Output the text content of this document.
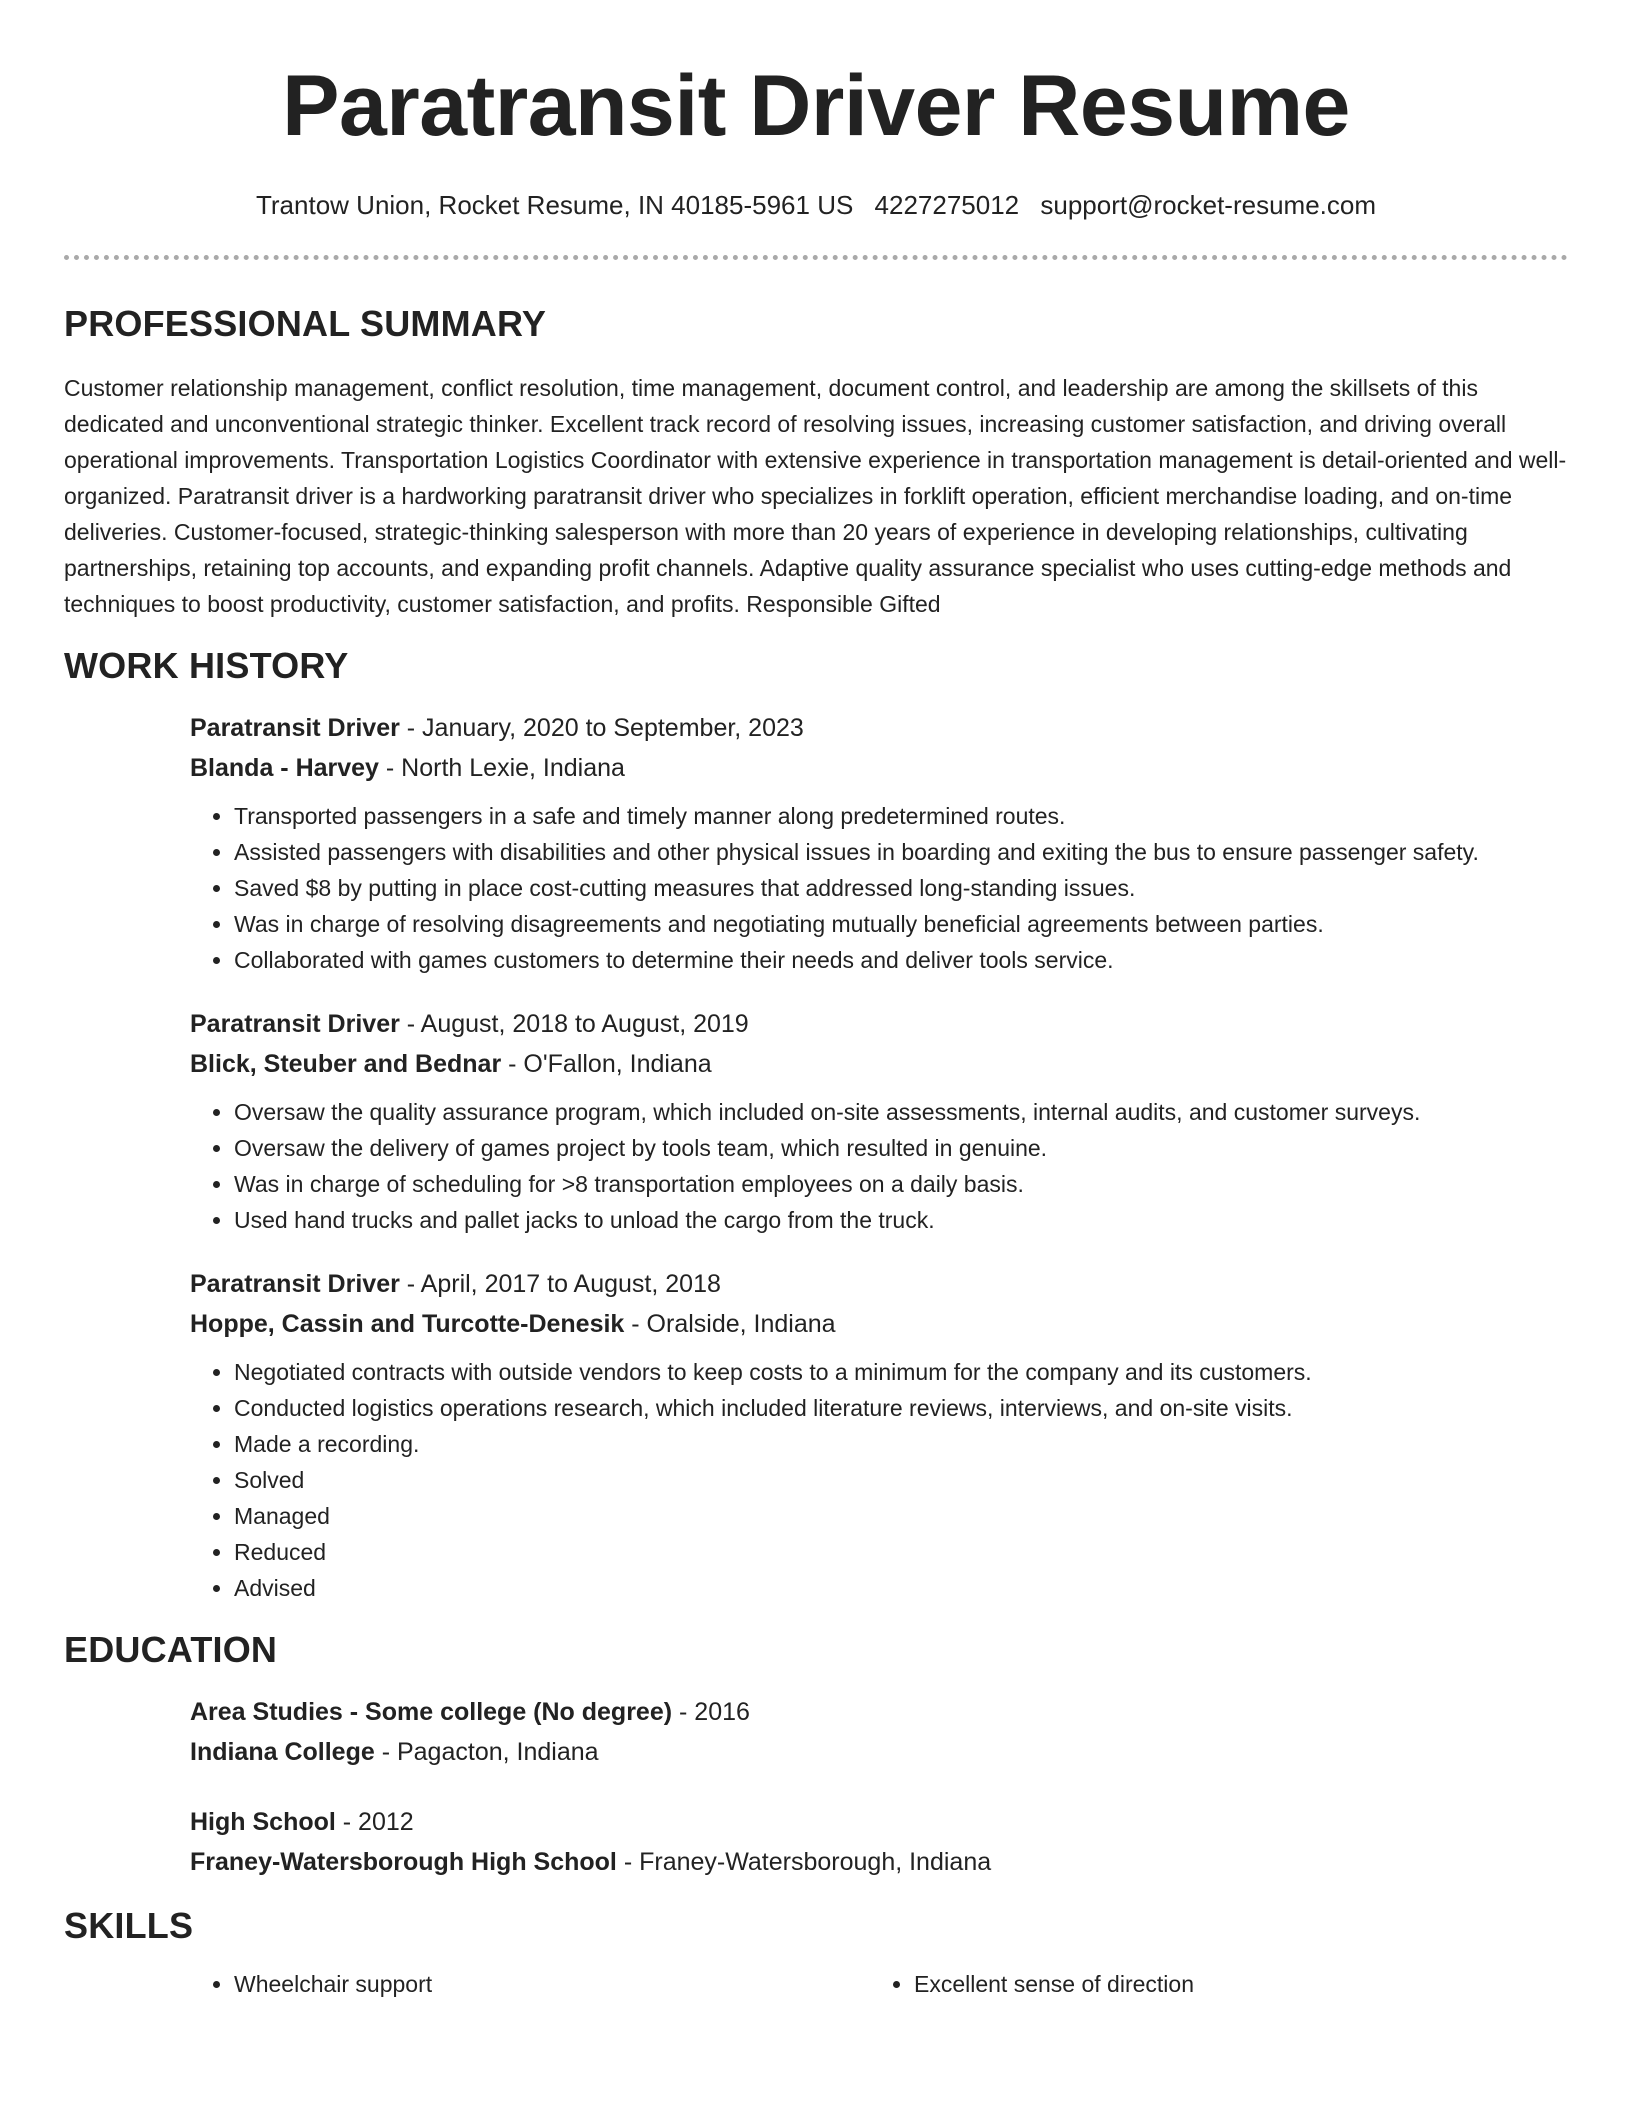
Paratransit Driver Resume
Trantow Union, Rocket Resume, IN 40185-5961 US 4227275012 support@rocket-resume.com
PROFESSIONAL SUMMARY

Customer relationship management, conflict resolution, time management, document control, and leadership are among the skillsets of this dedicated and unconventional strategic thinker. Excellent track record of resolving issues, increasing customer satisfaction, and driving overall operational improvements. Transportation Logistics Coordinator with extensive experience in transportation management is detail-oriented and well-organized. Paratransit driver is a hardworking paratransit driver who specializes in forklift operation, efficient merchandise loading, and on-time deliveries. Customer-focused, strategic-thinking salesperson with more than 20 years of experience in developing relationships, cultivating partnerships, retaining top accounts, and expanding profit channels. Adaptive quality assurance specialist who uses cutting-edge methods and techniques to boost productivity, customer satisfaction, and profits. Responsible Gifted

WORK HISTORY

Paratransit Driver - January, 2020 to September, 2023

Blanda - Harvey - North Lexie, Indiana

• Transported passengers in a safe and timely manner along predetermined routes.
• Assisted passengers with disabilities and other physical issues in boarding and exiting the bus to ensure passenger safety.
• Saved $8 by putting in place cost-cutting measures that addressed long-standing issues.
• Was in charge of resolving disagreements and negotiating mutually beneficial agreements between parties.
• Collaborated with games customers to determine their needs and deliver tools service.

Paratransit Driver - August, 2018 to August, 2019

Blick, Steuber and Bednar - O'Fallon, Indiana

• Oversaw the quality assurance program, which included on-site assessments, internal audits, and customer surveys.
• Oversaw the delivery of games project by tools team, which resulted in genuine.
• Was in charge of scheduling for >8 transportation employees on a daily basis.
• Used hand trucks and pallet jacks to unload the cargo from the truck.

Paratransit Driver - April, 2017 to August, 2018

Hoppe, Cassin and Turcotte-Denesik - Oralside, Indiana

• Negotiated contracts with outside vendors to keep costs to a minimum for the company and its customers.
• Conducted logistics operations research, which included literature reviews, interviews, and on-site visits.
• Made a recording.
• Solved
• Managed
• Reduced
• Advised
EDUCATION

Area Studies - Some college (No degree) - 2016

Indiana College - Pagacton, Indiana

High School - 2012

Franey-Watersborough High School - Franey-Watersborough, Indiana

SKILLS
• Wheelchair support
•	Excellent sense of direction
